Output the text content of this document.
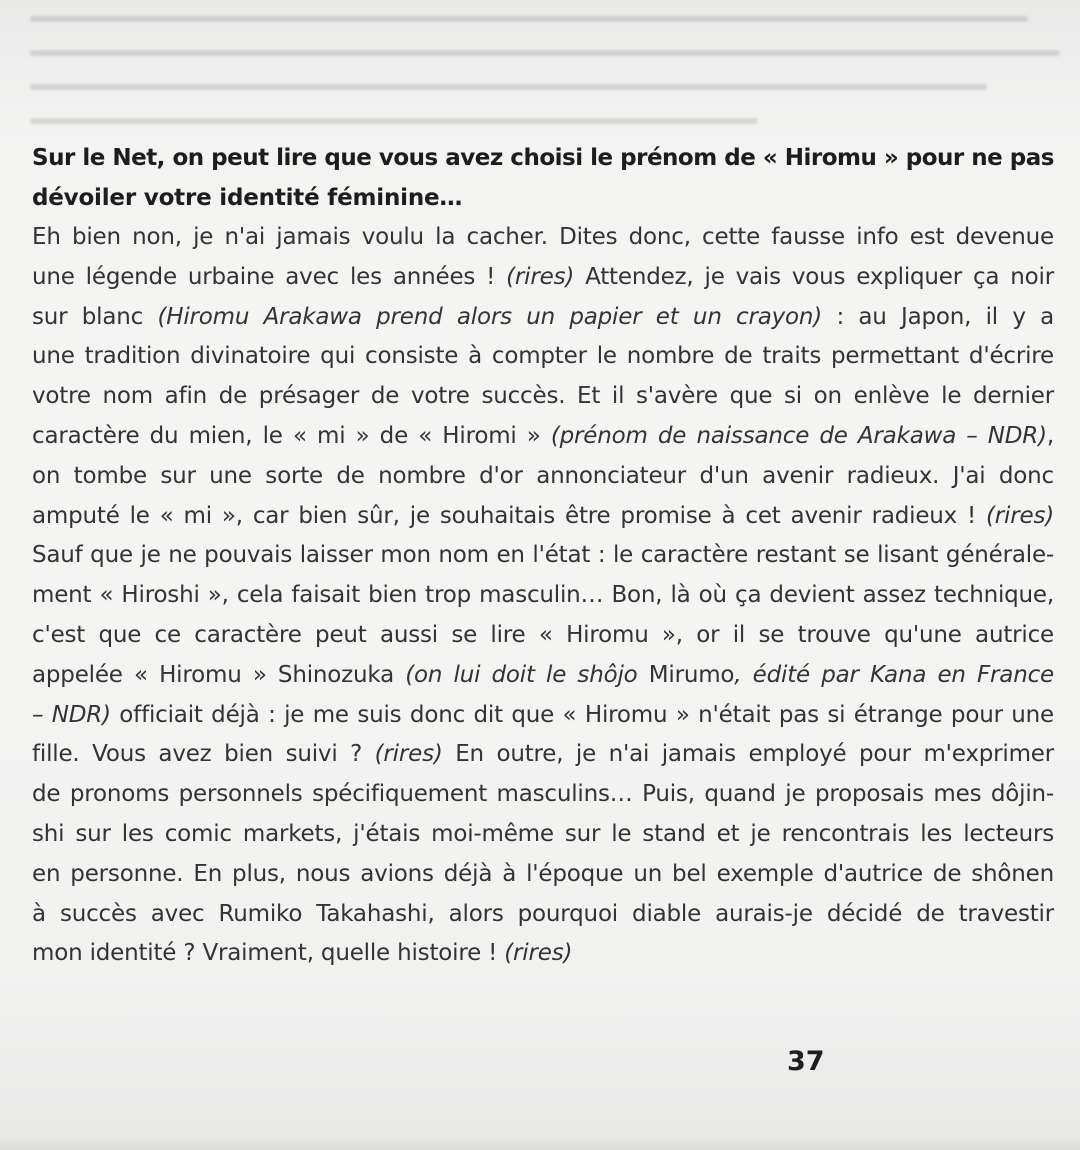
Sur le Net, on peut lire que vous avez choisi le prénom de « Hiromu » pour ne pas
dévoiler votre identité féminine…

Eh bien non, je n'ai jamais voulu la cacher. Dites donc, cette fausse info est devenue
une légende urbaine avec les années ! (rires) Attendez, je vais vous expliquer ça noir
sur blanc (Hiromu Arakawa prend alors un papier et un crayon) : au Japon, il y a
une tradition divinatoire qui consiste à compter le nombre de traits permettant d'écrire
votre nom afin de présager de votre succès. Et il s'avère que si on enlève le dernier
caractère du mien, le « mi » de « Hiromi » (prénom de naissance de Arakawa – NDR),
on tombe sur une sorte de nombre d'or annonciateur d'un avenir radieux. J'ai donc
amputé le « mi », car bien sûr, je souhaitais être promise à cet avenir radieux ! (rires)
Sauf que je ne pouvais laisser mon nom en l'état : le caractère restant se lisant générale-
ment « Hiroshi », cela faisait bien trop masculin… Bon, là où ça devient assez technique,
c'est que ce caractère peut aussi se lire « Hiromu », or il se trouve qu'une autrice
appelée « Hiromu » Shinozuka (on lui doit le shôjo Mirumo, édité par Kana en France
– NDR) officiait déjà : je me suis donc dit que « Hiromu » n'était pas si étrange pour une
fille. Vous avez bien suivi ? (rires) En outre, je n'ai jamais employé pour m'exprimer
de pronoms personnels spécifiquement masculins… Puis, quand je proposais mes dôjin-
shi sur les comic markets, j'étais moi-même sur le stand et je rencontrais les lecteurs
en personne. En plus, nous avions déjà à l'époque un bel exemple d'autrice de shônen
à succès avec Rumiko Takahashi, alors pourquoi diable aurais-je décidé de travestir
mon identité ? Vraiment, quelle histoire ! (rires)

37
